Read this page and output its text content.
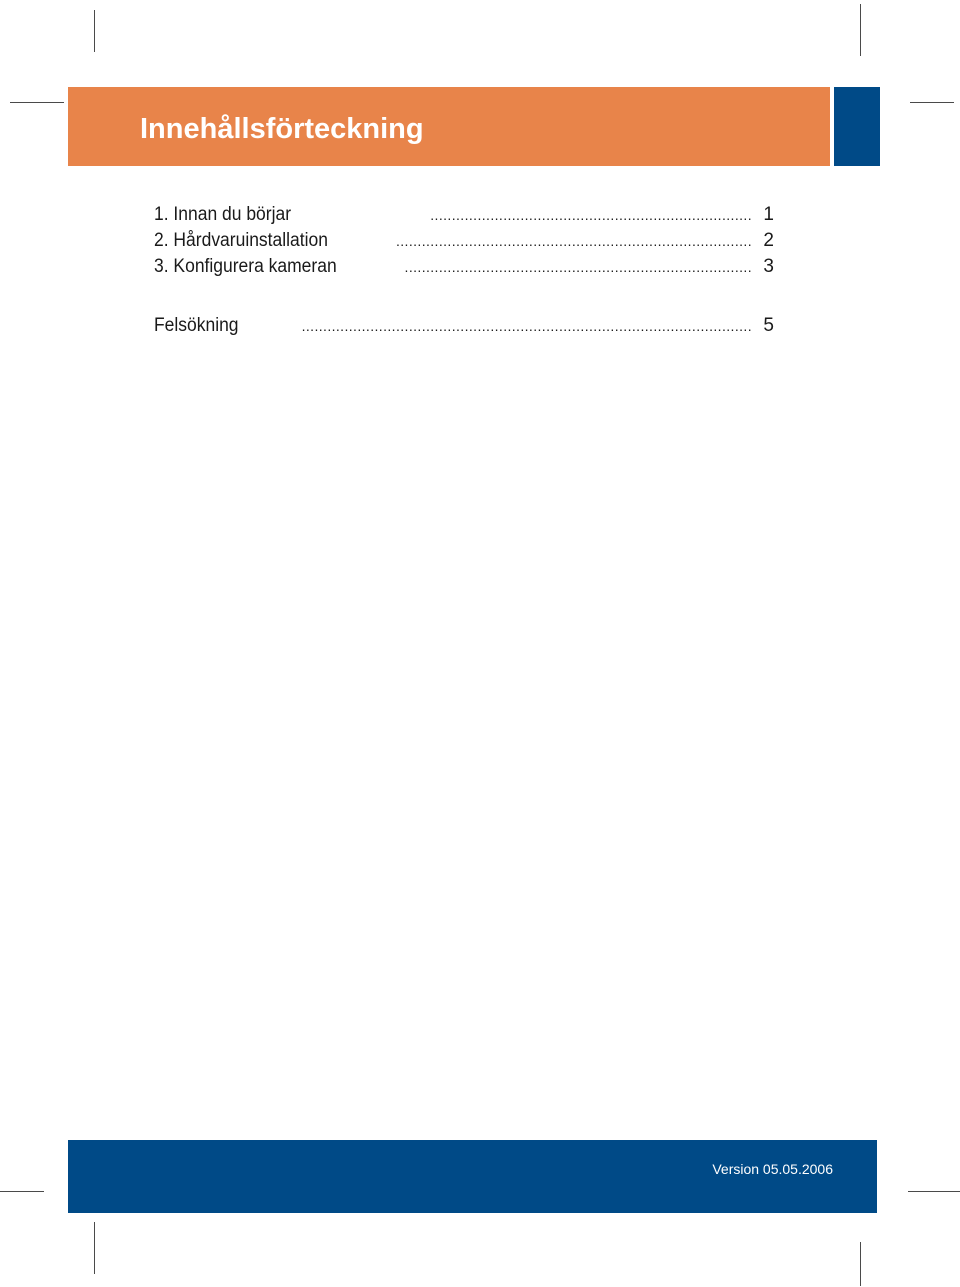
Innehållsförteckning
1. Innan du börjar	........................................................................... 1
2. Hårdvaruinstallation	................................................................................... 2
3. Konfigurera kameran	................................................................................. 3
Felsökning	......................................................................................................... 5
Version 05.05.2006
